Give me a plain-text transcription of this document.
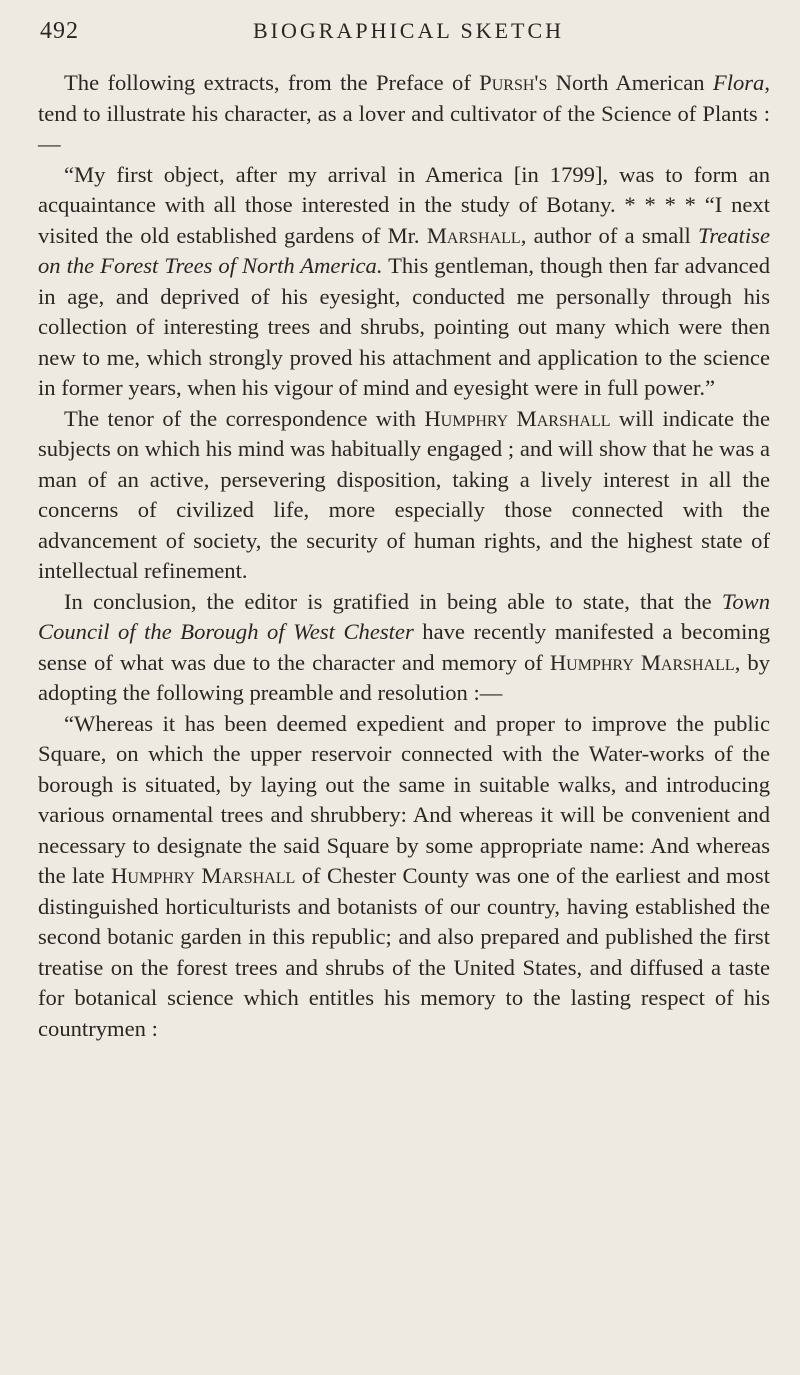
492	BIOGRAPHICAL SKETCH

The following extracts, from the Preface of Pursh's North American Flora, tend to illustrate his character, as a lover and cultivator of the Science of Plants :—

“My first object, after my arrival in America [in 1799], was to form an acquaintance with all those interested in the study of Botany. * * * * “I next visited the old established gardens of Mr. Marshall, author of a small Treatise on the Forest Trees of North America. This gentleman, though then far advanced in age, and deprived of his eyesight, conducted me personally through his collection of interesting trees and shrubs, pointing out many which were then new to me, which strongly proved his attachment and application to the science in former years, when his vigour of mind and eyesight were in full power.”

The tenor of the correspondence with Humphry Marshall will indicate the subjects on which his mind was habitually engaged ; and will show that he was a man of an active, persevering disposition, taking a lively interest in all the concerns of civilized life, more especially those connected with the advancement of society, the security of human rights, and the highest state of intellectual refinement.

In conclusion, the editor is gratified in being able to state, that the Town Council of the Borough of West Chester have recently manifested a becoming sense of what was due to the character and memory of Humphry Marshall, by adopting the following preamble and resolution :—

“Whereas it has been deemed expedient and proper to improve the public Square, on which the upper reservoir connected with the Water-works of the borough is situated, by laying out the same in suitable walks, and introducing various ornamental trees and shrubbery: And whereas it will be convenient and necessary to designate the said Square by some appropriate name: And whereas the late Humphry Marshall of Chester County was one of the earliest and most distinguished horticulturists and botanists of our country, having established the second botanic garden in this republic; and also prepared and published the first treatise on the forest trees and shrubs of the United States, and diffused a taste for botanical science which entitles his memory to the lasting respect of his countrymen :
